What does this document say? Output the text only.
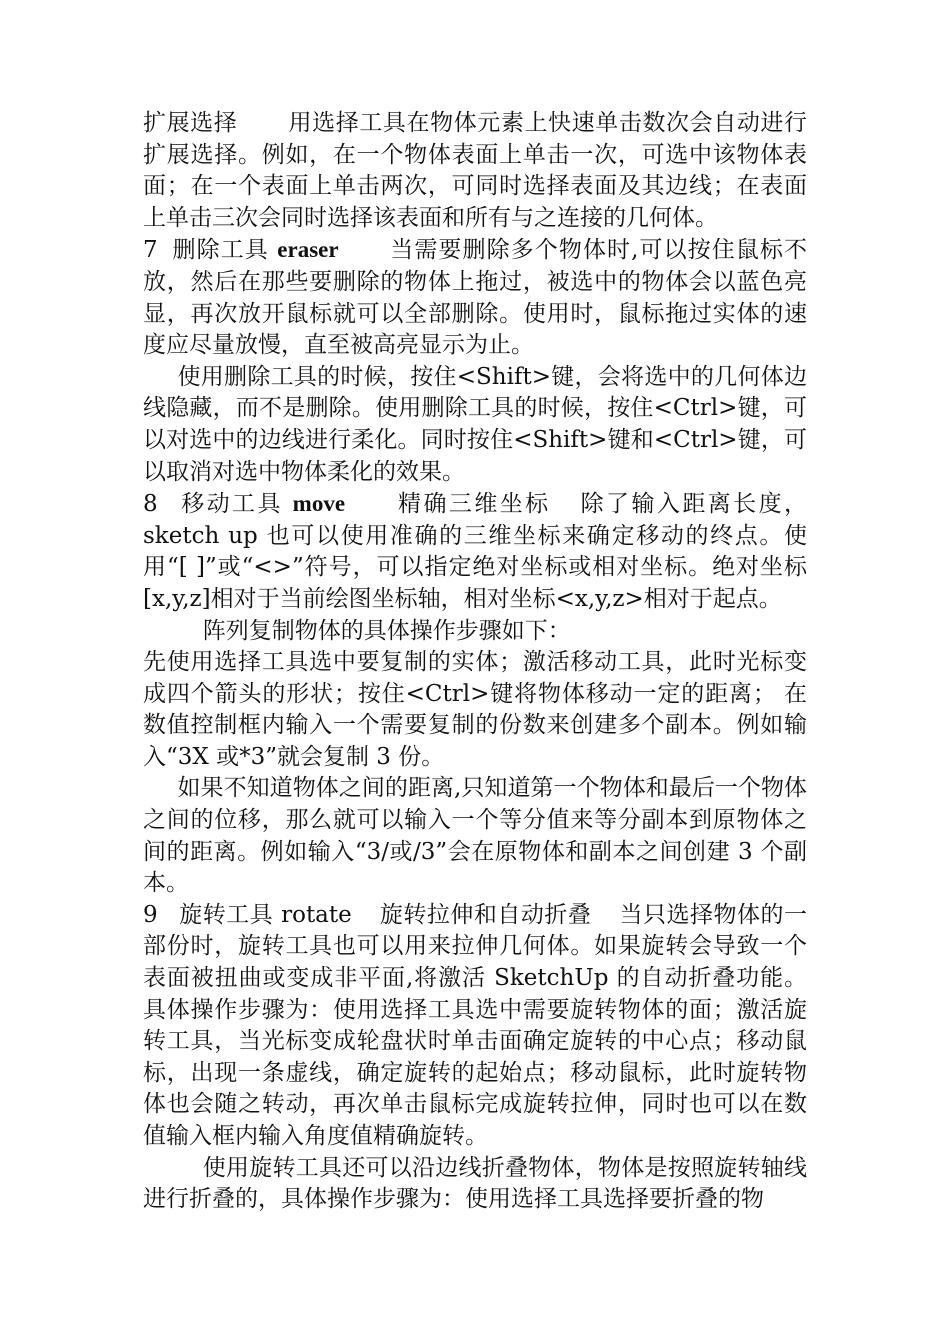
扩展选择 用选择工具在物体元素上快速单击数次会自动进行扩展选择。例如，在一个物体表面上单击一次，可选中该物体表面；在一个表面上单击两次，可同时选择表面及其边线；在表面上单击三次会同时选择该表面和所有与之连接的几何体。

7 删除工具 eraser 当需要删除多个物体时,可以按住鼠标不放，然后在那些要删除的物体上拖过，被选中的物体会以蓝色亮显，再次放开鼠标就可以全部删除。使用时，鼠标拖过实体的速度应尽量放慢，直至被高亮显示为止。

使用删除工具的时候，按住<Shift>键，会将选中的几何体边线隐藏，而不是删除。使用删除工具的时候，按住<Ctrl>键，可以对选中的边线进行柔化。同时按住<Shift>键和<Ctrl>键，可以取消对选中物体柔化的效果。

8 移动工具 move 精确三维坐标 除了输入距离长度，sketch up 也可以使用准确的三维坐标来确定移动的终点。使用“[ ]”或“<>”符号，可以指定绝对坐标或相对坐标。绝对坐标 [x,y,z]相对于当前绘图坐标轴，相对坐标<x,y,z>相对于起点。

阵列复制物体的具体操作步骤如下：

先使用选择工具选中要复制的实体；激活移动工具，此时光标变成四个箭头的形状；按住<Ctrl>键将物体移动一定的距离； 在数值控制框内输入一个需要复制的份数来创建多个副本。例如输入“3X 或*3”就会复制 3 份。

如果不知道物体之间的距离,只知道第一个物体和最后一个物体之间的位移，那么就可以输入一个等分值来等分副本到原物体之间的距离。例如输入“3/或/3”会在原物体和副本之间创建 3 个副本。

9 旋转工具 rotate 旋转拉伸和自动折叠 当只选择物体的一部份时，旋转工具也可以用来拉伸几何体。如果旋转会导致一个表面被扭曲或变成非平面,将激活 SketchUp 的自动折叠功能。具体操作步骤为：使用选择工具选中需要旋转物体的面；激活旋转工具，当光标变成轮盘状时单击面确定旋转的中心点；移动鼠标，出现一条虚线，确定旋转的起始点；移动鼠标，此时旋转物体也会随之转动，再次单击鼠标完成旋转拉伸，同时也可以在数值输入框内输入角度值精确旋转。

使用旋转工具还可以沿边线折叠物体，物体是按照旋转轴线进行折叠的，具体操作步骤为：使用选择工具选择要折叠的物
